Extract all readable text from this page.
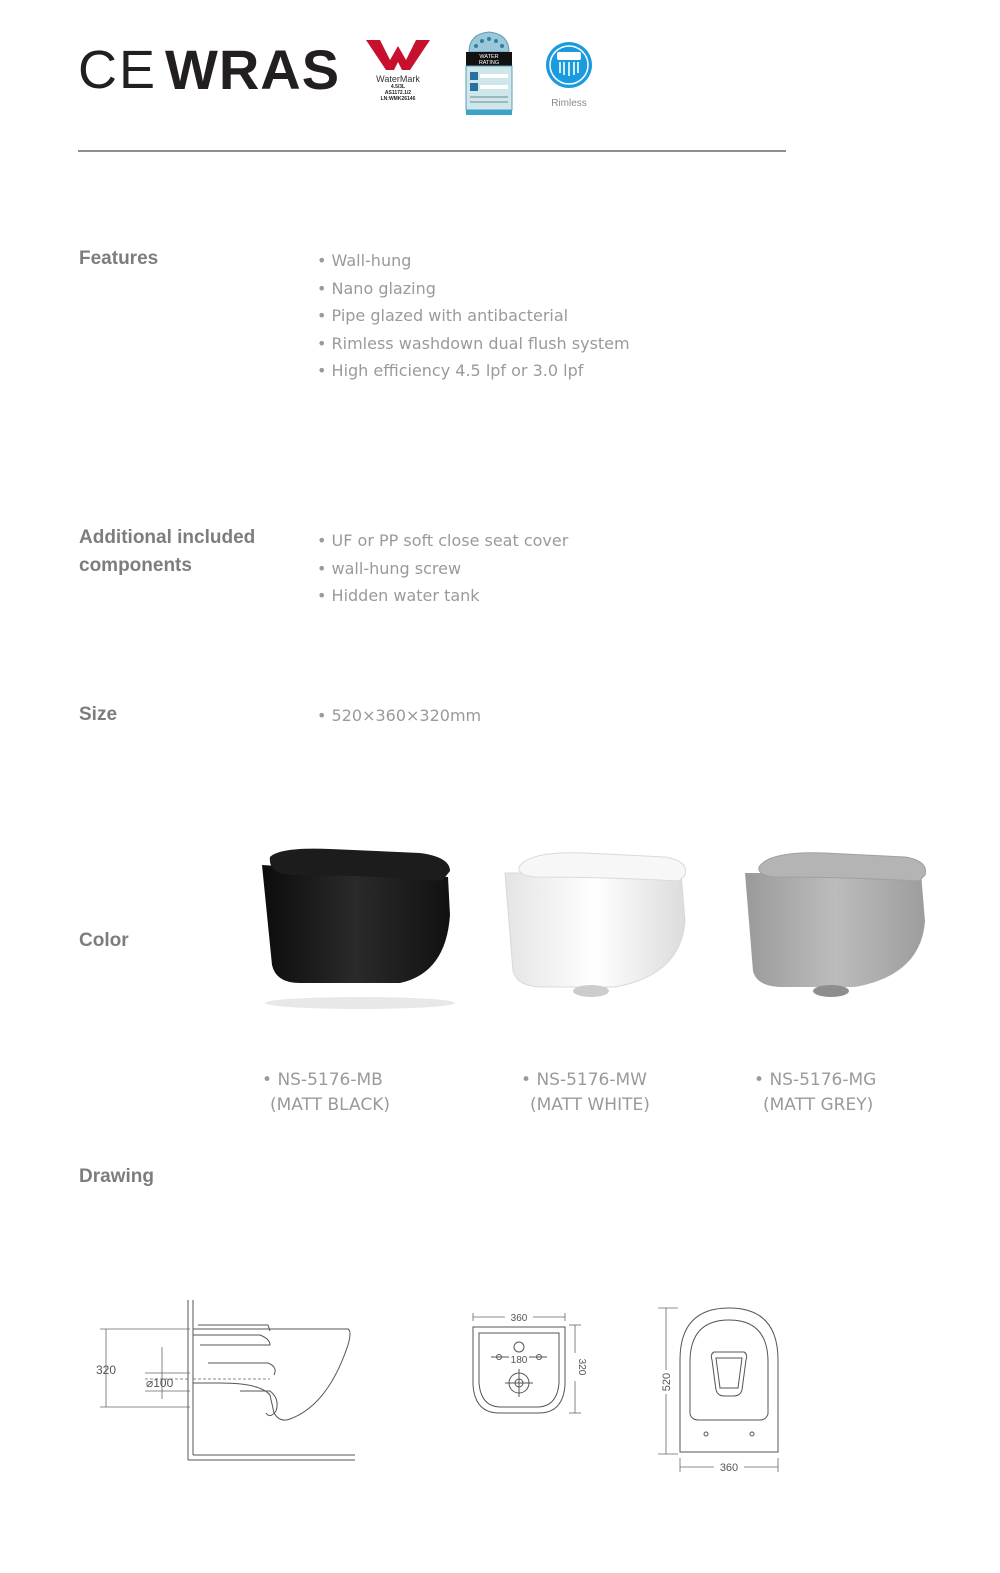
CE WRAS	WaterMark
4.5/3L
AS1172.1/2
LN:WMK26146
WATER
RATING
Rimless
Features	• Wall-hung
• Nano glazing
• Pipe glazed with antibacterial
• Rimless washdown dual flush system
• High efficiency 4.5 lpf or 3.0 lpf
Additional included
components
• UF or PP soft close seat cover
• wall-hung screw
• Hidden water tank
Size	• 520×360×320mm
Color
• NS-5176-MB
(MATT BLACK)
• NS-5176-MW
(MATT WHITE)
• NS-5176-MG
(MATT GREY)
Drawing
320
⌀100
360
180	320
520
360
